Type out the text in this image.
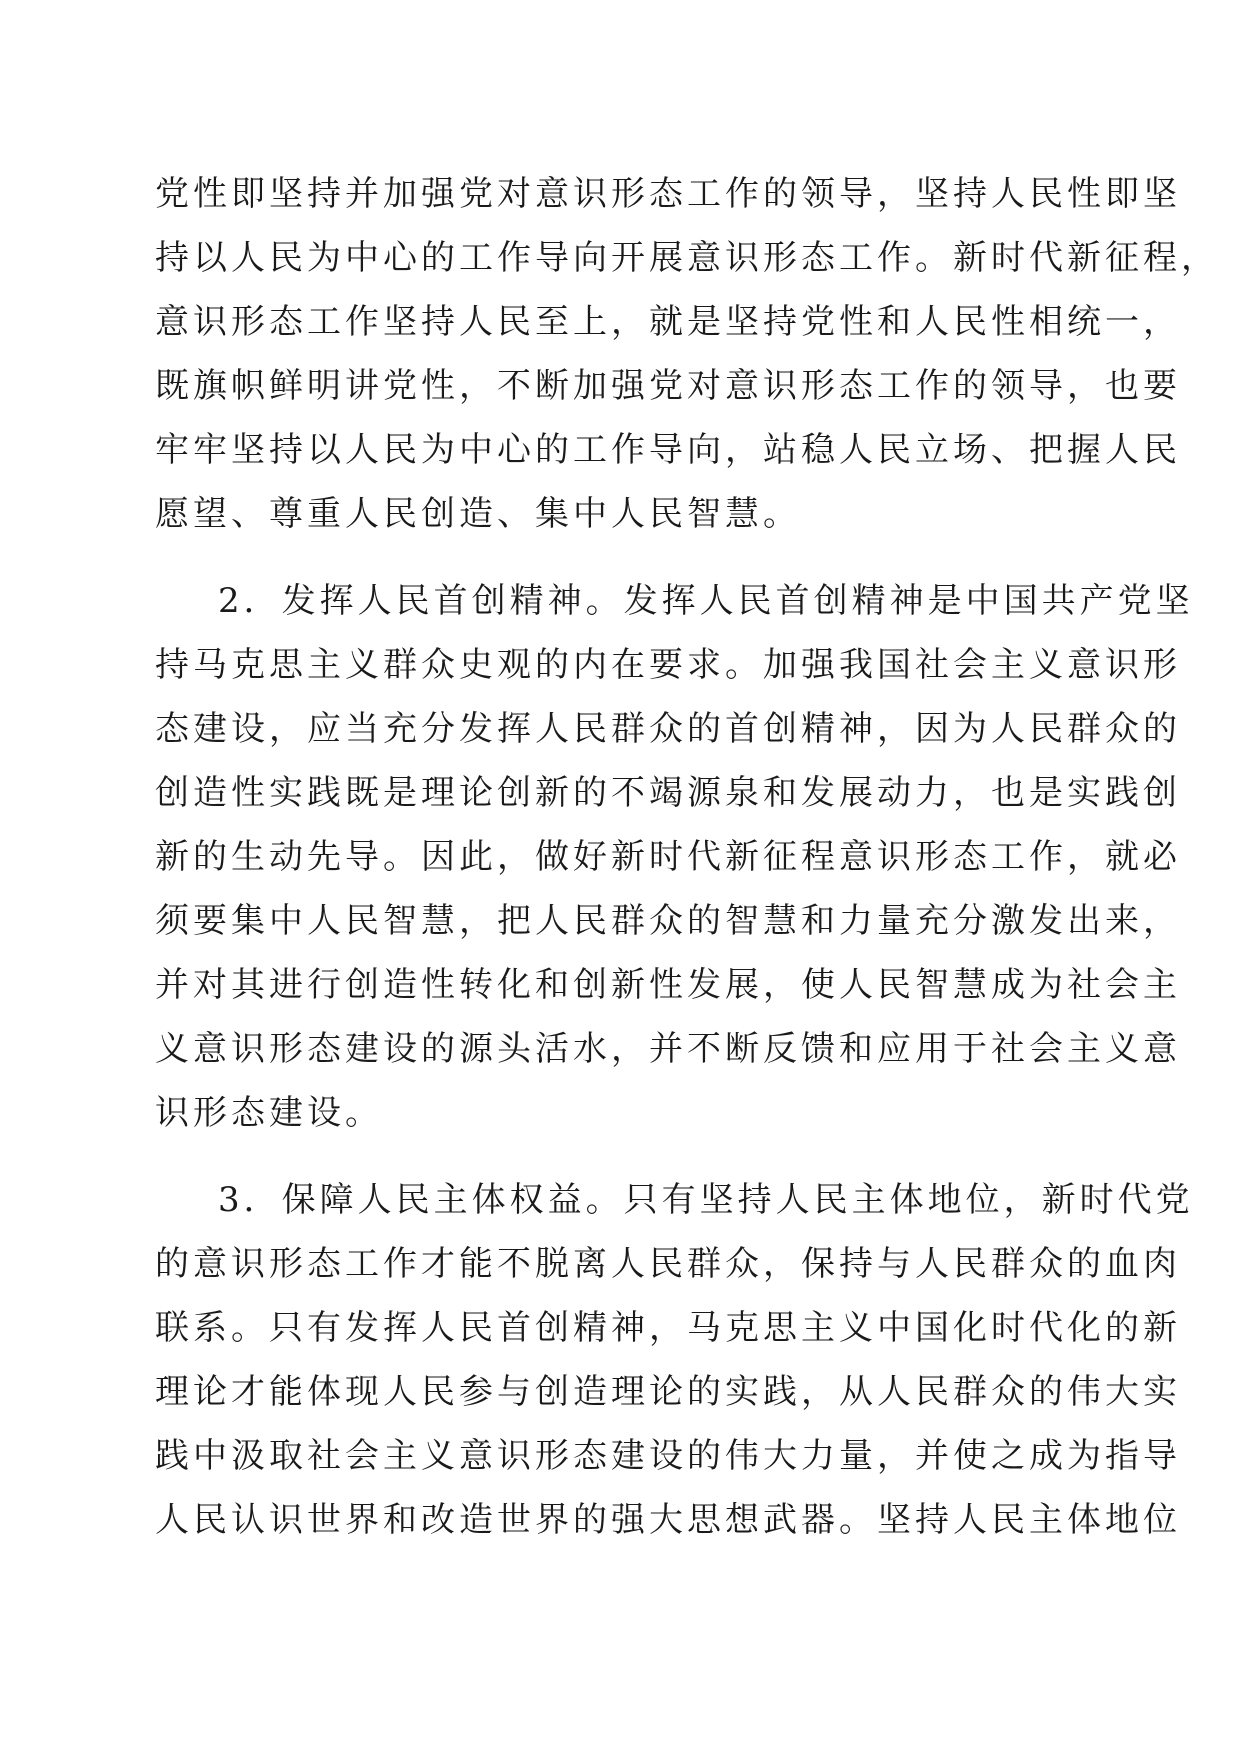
党性即坚持并加强党对意识形态工作的领导，坚持人民性即坚
持以人民为中心的工作导向开展意识形态工作。新时代新征程，
意识形态工作坚持人民至上，就是坚持党性和人民性相统一，
既旗帜鲜明讲党性，不断加强党对意识形态工作的领导，也要
牢牢坚持以人民为中心的工作导向，站稳人民立场、把握人民
愿望、尊重人民创造、集中人民智慧。
2．发挥人民首创精神。发挥人民首创精神是中国共产党坚
持马克思主义群众史观的内在要求。加强我国社会主义意识形
态建设，应当充分发挥人民群众的首创精神，因为人民群众的
创造性实践既是理论创新的不竭源泉和发展动力，也是实践创
新的生动先导。因此，做好新时代新征程意识形态工作，就必
须要集中人民智慧，把人民群众的智慧和力量充分激发出来，
并对其进行创造性转化和创新性发展，使人民智慧成为社会主
义意识形态建设的源头活水，并不断反馈和应用于社会主义意
识形态建设。
3．保障人民主体权益。只有坚持人民主体地位，新时代党
的意识形态工作才能不脱离人民群众，保持与人民群众的血肉
联系。只有发挥人民首创精神，马克思主义中国化时代化的新
理论才能体现人民参与创造理论的实践，从人民群众的伟大实
践中汲取社会主义意识形态建设的伟大力量，并使之成为指导
人民认识世界和改造世界的强大思想武器。坚持人民主体地位
